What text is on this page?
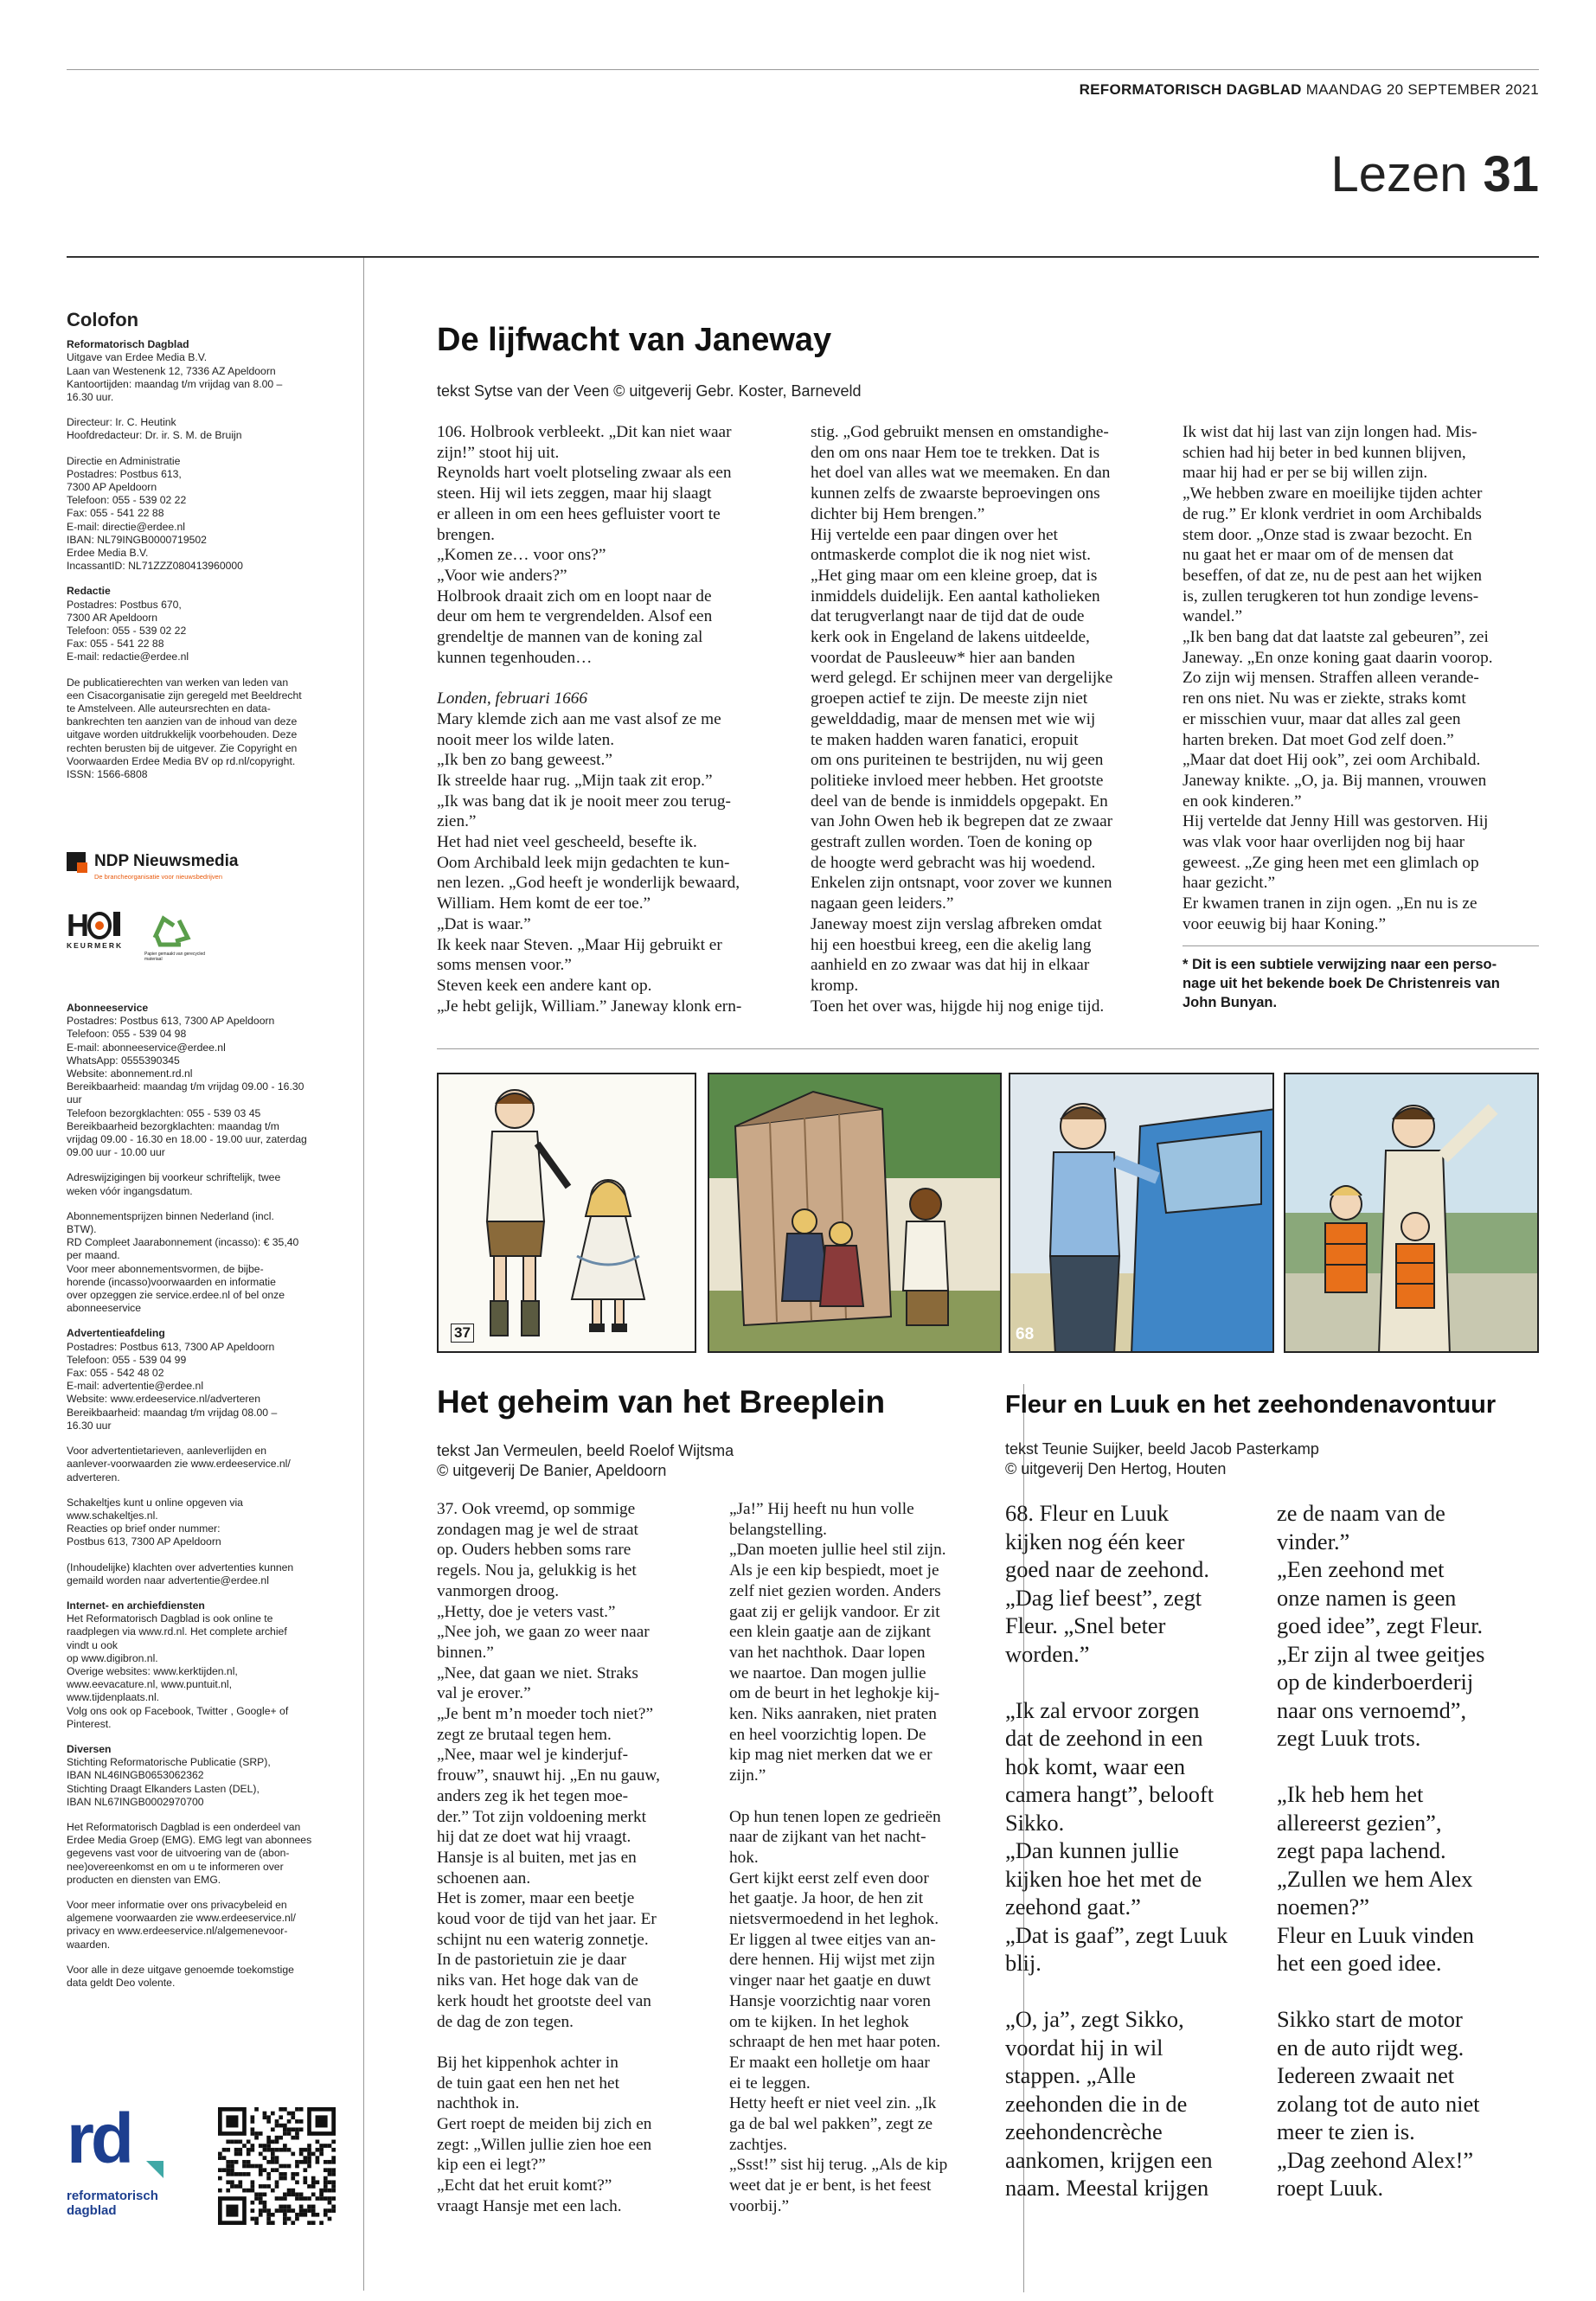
REFORMATORISCH DAGBLAD MAANDAG 20 SEPTEMBER 2021
Lezen 31
Colofon
Reformatorisch Dagblad
Uitgave van Erdee Media B.V.
Laan van Westenenk 12, 7336 AZ Apeldoorn
Kantoortijden: maandag t/m vrijdag van 8.00 –
16.30 uur.
Directeur: Ir. C. Heutink
Hoofdredacteur: Dr. ir. S. M. de Bruijn
Directie en Administratie
Postadres: Postbus 613,
7300 AP Apeldoorn
Telefoon: 055 - 539 02 22
Fax: 055 - 541 22 88
E-mail: directie@erdee.nl
IBAN: NL79INGB0000719502
Erdee Media B.V.
IncassantID: NL71ZZZ080413960000
Redactie
Postadres: Postbus 670,
7300 AR Apeldoorn
Telefoon: 055 - 539 02 22
Fax: 055 - 541 22 88
E-mail: redactie@erdee.nl
De publicatierechten van werken van leden van
een Cisacorganisatie zijn geregeld met Beeldrecht
te Amstelveen. Alle auteursrechten en data-
bankrechten ten aanzien van de inhoud van deze
uitgave worden uitdrukkelijk voorbehouden. Deze
rechten berusten bij de uitgever. Zie Copyright en
Voorwaarden Erdee Media BV op rd.nl/copyright.
ISSN: 1566-6808
Abonneeservice
Postadres: Postbus 613, 7300 AP Apeldoorn
Telefoon: 055 - 539 04 98
E-mail: abonneeservice@erdee.nl
WhatsApp: 0555390345
Website: abonnement.rd.nl
Bereikbaarheid: maandag t/m vrijdag 09.00 - 16.30
uur
Telefoon bezorgklachten: 055 - 539 03 45
Bereikbaarheid bezorgklachten: maandag t/m
vrijdag 09.00 - 16.30 en 18.00 - 19.00 uur, zaterdag
09.00 uur - 10.00 uur
Adreswijzigingen bij voorkeur schriftelijk, twee
weken vóór ingangsdatum.
Abonnementsprijzen binnen Nederland (incl.
BTW).
RD Compleet Jaarabonnement (incasso): € 35,40
per maand.
Voor meer abonnementsvormen, de bijbe-
horende (incasso)voorwaarden en informatie
over opzeggen zie service.erdee.nl of bel onze
abonneeservice
Advertentieafdeling
Postadres: Postbus 613, 7300 AP Apeldoorn
Telefoon: 055 - 539 04 99
Fax: 055 - 542 48 02
E-mail: advertentie@erdee.nl
Website: www.erdeeservice.nl/adverteren
Bereikbaarheid: maandag t/m vrijdag 08.00 –
16.30 uur
Voor advertentietarieven, aanleverlijden en
aanlever-voorwaarden zie www.erdeeservice.nl/
adverteren.
Schakeltjes kunt u online opgeven via
www.schakeltjes.nl.
Reacties op brief onder nummer:
Postbus 613, 7300 AP Apeldoorn
(Inhoudelijke) klachten over advertenties kunnen
gemaild worden naar advertentie@erdee.nl
Internet- en archiefdiensten
Het Reformatorisch Dagblad is ook online te
raadplegen via www.rd.nl. Het complete archief
vindt u ook
op www.digibron.nl.
Overige websites: www.kerktijden.nl,
www.eevacature.nl, www.puntuit.nl,
www.tijdenplaats.nl.
Volg ons ook op Facebook, Twitter , Google+ of
Pinterest.
Diversen
Stichting Reformatorische Publicatie (SRP),
IBAN NL46INGB0653062362
Stichting Draagt Elkanders Lasten (DEL),
IBAN NL67INGB0002970700
Het Reformatorisch Dagblad is een onderdeel van
Erdee Media Groep (EMG). EMG legt van abonnees
gegevens vast voor de uitvoering van de (abon-
nee)overeenkomst en om u te informeren over
producten en diensten van EMG.
Voor meer informatie over ons privacybeleid en
algemene voorwaarden zie www.erdeeservice.nl/
privacy en www.erdeeservice.nl/algemenevoor-
waarden.
Voor alle in deze uitgave genoemde toekomstige
data geldt Deo volente.
NDP Nieuwsmedia
De brancheorganisatie voor nieuwsbedrijven
H
KEURMERK
Papier gemaakt van gerecycled materiaal
rd
reformatorisch
dagblad
De lijfwacht van Janeway
tekst Sytse van der Veen © uitgeverij Gebr. Koster, Barneveld
106. Holbrook verbleekt. „Dit kan niet waar
zijn!” stoot hij uit.
Reynolds hart voelt plotseling zwaar als een
steen. Hij wil iets zeggen, maar hij slaagt
er alleen in om een hees gefluister voort te
brengen.
„Komen ze… voor ons?”
„Voor wie anders?”
Holbrook draait zich om en loopt naar de
deur om hem te vergrendelden. Alsof een
grendeltje de mannen van de koning zal
kunnen tegenhouden…
Londen, februari 1666
Mary klemde zich aan me vast alsof ze me
nooit meer los wilde laten.
„Ik ben zo bang geweest.”
Ik streelde haar rug. „Mijn taak zit erop.”
„Ik was bang dat ik je nooit meer zou terug-
zien.”
Het had niet veel gescheeld, besefte ik.
Oom Archibald leek mijn gedachten te kun-
nen lezen. „God heeft je wonderlijk bewaard,
William. Hem komt de eer toe.”
„Dat is waar.”
Ik keek naar Steven. „Maar Hij gebruikt er
soms mensen voor.”
Steven keek een andere kant op.
„Je hebt gelijk, William.” Janeway klonk ern-
stig. „God gebruikt mensen en omstandighe-
den om ons naar Hem toe te trekken. Dat is
het doel van alles wat we meemaken. En dan
kunnen zelfs de zwaarste beproevingen ons
dichter bij Hem brengen.”
Hij vertelde een paar dingen over het
ontmaskerde complot die ik nog niet wist.
„Het ging maar om een kleine groep, dat is
inmiddels duidelijk. Een aantal katholieken
dat terugverlangt naar de tijd dat de oude
kerk ook in Engeland de lakens uitdeelde,
voordat de Pausleeuw* hier aan banden
werd gelegd. Er schijnen meer van dergelijke
groepen actief te zijn. De meeste zijn niet
gewelddadig, maar de mensen met wie wij
te maken hadden waren fanatici, eropuit
om ons puriteinen te bestrijden, nu wij geen
politieke invloed meer hebben. Het grootste
deel van de bende is inmiddels opgepakt. En
van John Owen heb ik begrepen dat ze zwaar
gestraft zullen worden. Toen de koning op
de hoogte werd gebracht was hij woedend.
Enkelen zijn ontsnapt, voor zover we kunnen
nagaan geen leiders.”
Janeway moest zijn verslag afbreken omdat
hij een hoestbui kreeg, een die akelig lang
aanhield en zo zwaar was dat hij in elkaar
kromp.
Toen het over was, hijgde hij nog enige tijd.
Ik wist dat hij last van zijn longen had. Mis-
schien had hij beter in bed kunnen blijven,
maar hij had er per se bij willen zijn.
„We hebben zware en moeilijke tijden achter
de rug.” Er klonk verdriet in oom Archibalds
stem door. „Onze stad is zwaar bezocht. En
nu gaat het er maar om of de mensen dat
beseffen, of dat ze, nu de pest aan het wijken
is, zullen terugkeren tot hun zondige levens-
wandel.”
„Ik ben bang dat dat laatste zal gebeuren”, zei
Janeway. „En onze koning gaat daarin voorop.
Zo zijn wij mensen. Straffen alleen verande-
ren ons niet. Nu was er ziekte, straks komt
er misschien vuur, maar dat alles zal geen
harten breken. Dat moet God zelf doen.”
„Maar dat doet Hij ook”, zei oom Archibald.
Janeway knikte. „O, ja. Bij mannen, vrouwen
en ook kinderen.”
Hij vertelde dat Jenny Hill was gestorven. Hij
was vlak voor haar overlijden nog bij haar
geweest. „Ze ging heen met een glimlach op
haar gezicht.”
Er kwamen tranen in zijn ogen. „En nu is ze
voor eeuwig bij haar Koning.”
* Dit is een subtiele verwijzing naar een perso-
nage uit het bekende boek De Christenreis van
John Bunyan.
37	68
Het geheim van het Breeplein
tekst Jan Vermeulen, beeld Roelof Wijtsma
© uitgeverij De Banier, Apeldoorn
37. Ook vreemd, op sommige
zondagen mag je wel de straat
op. Ouders hebben soms rare
regels. Nou ja, gelukkig is het
vanmorgen droog.
„Hetty, doe je veters vast.”
„Nee joh, we gaan zo weer naar
binnen.”
„Nee, dat gaan we niet. Straks
val je erover.”
„Je bent m’n moeder toch niet?”
zegt ze brutaal tegen hem.
„Nee, maar wel je kinderjuf-
frouw”, snauwt hij. „En nu gauw,
anders zeg ik het tegen moe-
der.” Tot zijn voldoening merkt
hij dat ze doet wat hij vraagt.
Hansje is al buiten, met jas en
schoenen aan.
Het is zomer, maar een beetje
koud voor de tijd van het jaar. Er
schijnt nu een waterig zonnetje.
In de pastorietuin zie je daar
niks van. Het hoge dak van de
kerk houdt het grootste deel van
de dag de zon tegen.
Bij het kippenhok achter in
de tuin gaat een hen net het
nachthok in.
Gert roept de meiden bij zich en
zegt: „Willen jullie zien hoe een
kip een ei legt?”
„Echt dat het eruit komt?”
vraagt Hansje met een lach.
„Ja!” Hij heeft nu hun volle
belangstelling.
„Dan moeten jullie heel stil zijn.
Als je een kip bespiedt, moet je
zelf niet gezien worden. Anders
gaat zij er gelijk vandoor. Er zit
een klein gaatje aan de zijkant
van het nachthok. Daar lopen
we naartoe. Dan mogen jullie
om de beurt in het leghokje kij-
ken. Niks aanraken, niet praten
en heel voorzichtig lopen. De
kip mag niet merken dat we er
zijn.”
Op hun tenen lopen ze gedrieën
naar de zijkant van het nacht-
hok.
Gert kijkt eerst zelf even door
het gaatje. Ja hoor, de hen zit
nietsvermoedend in het leghok.
Er liggen al twee eitjes van an-
dere hennen. Hij wijst met zijn
vinger naar het gaatje en duwt
Hansje voorzichtig naar voren
om te kijken. In het leghok
schraapt de hen met haar poten.
Er maakt een holletje om haar
ei te leggen.
Hetty heeft er niet veel zin. „Ik
ga de bal wel pakken”, zegt ze
zachtjes.
„Ssst!” sist hij terug. „Als de kip
weet dat je er bent, is het feest
voorbij.”
Fleur en Luuk en het zeehondenavontuur
tekst Teunie Suijker, beeld Jacob Pasterkamp
© uitgeverij Den Hertog, Houten
68. Fleur en Luuk
kijken nog één keer
goed naar de zeehond.
„Dag lief beest”, zegt
Fleur. „Snel beter
worden.”
„Ik zal ervoor zorgen
dat de zeehond in een
hok komt, waar een
camera hangt”, belooft
Sikko.
„Dan kunnen jullie
kijken hoe het met de
zeehond gaat.”
„Dat is gaaf”, zegt Luuk
blij.
„O, ja”, zegt Sikko,
voordat hij in wil
stappen. „Alle
zeehonden die in de
zeehondencrèche
aankomen, krijgen een
naam. Meestal krijgen
ze de naam van de
vinder.”
„Een zeehond met
onze namen is geen
goed idee”, zegt Fleur.
„Er zijn al twee geitjes
op de kinderboerderij
naar ons vernoemd”,
zegt Luuk trots.
„Ik heb hem het
allereerst gezien”,
zegt papa lachend.
„Zullen we hem Alex
noemen?”
Fleur en Luuk vinden
het een goed idee.
Sikko start de motor
en de auto rijdt weg.
Iedereen zwaait net
zolang tot de auto niet
meer te zien is.
„Dag zeehond Alex!”
roept Luuk.
